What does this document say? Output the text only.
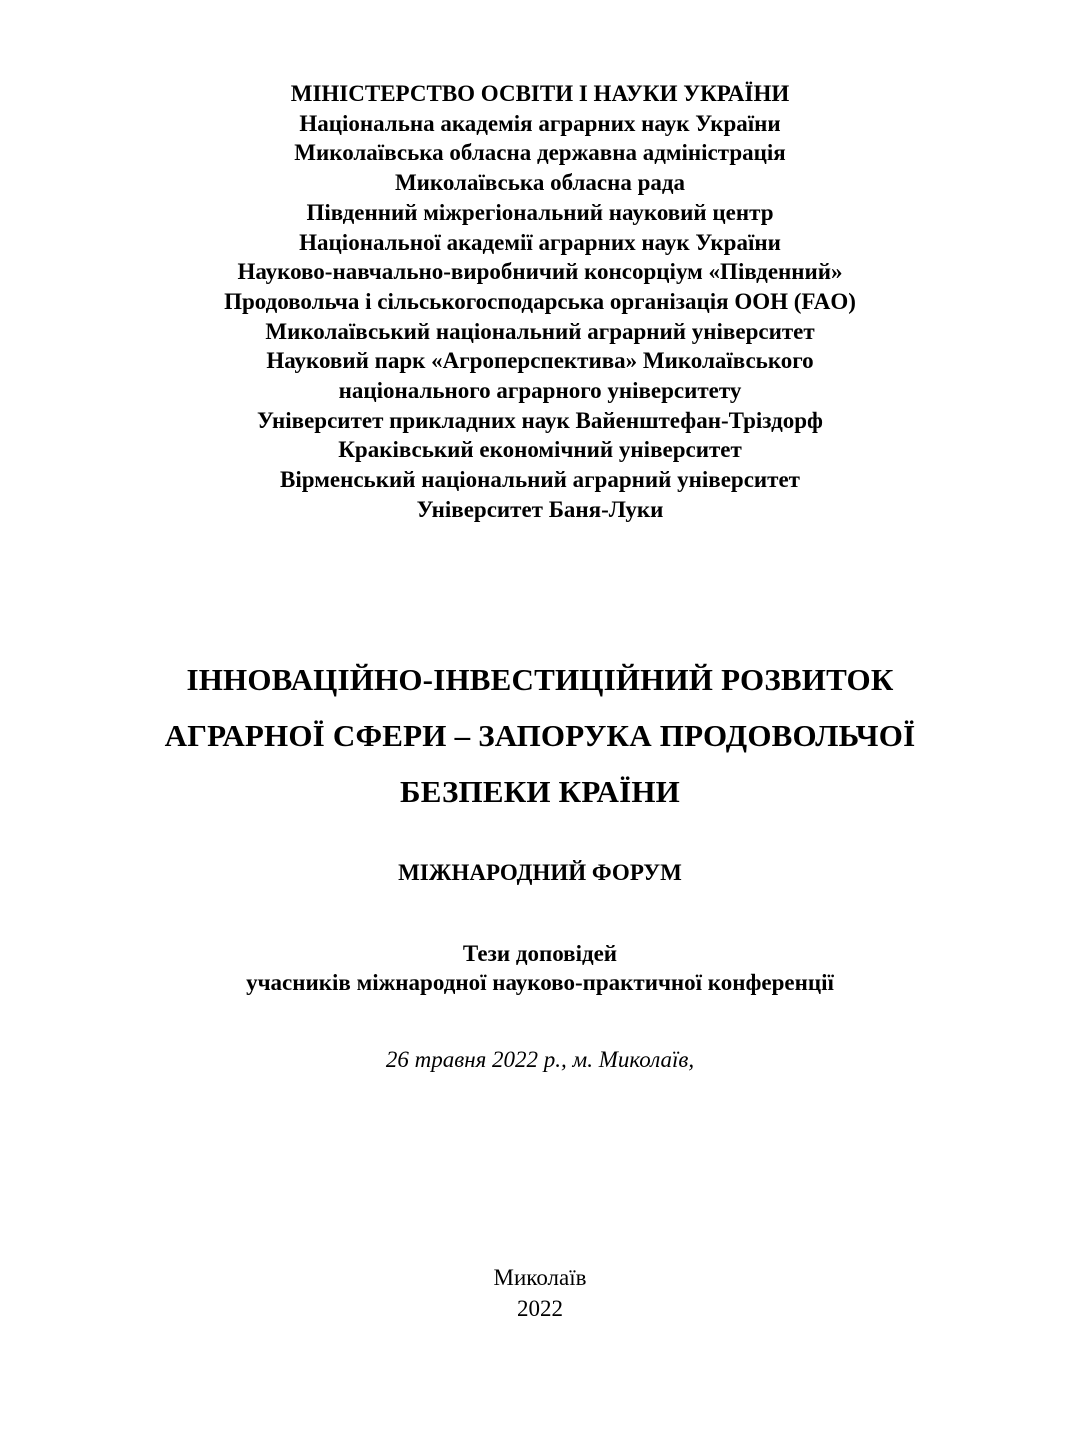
МІНІСТЕРСТВО ОСВІТИ І НАУКИ УКРАЇНИ
Національна академія аграрних наук України
Миколаївська обласна державна адміністрація
Миколаївська обласна рада
Південний міжрегіональний науковий центр
Національної академії аграрних наук України
Науково-навчально-виробничий консорціум «Південний»
Продовольча і сільськогосподарська організація ООН (FAO)
Миколаївський національний аграрний університет
Науковий парк «Агроперспектива» Миколаївського
національного аграрного університету
Університет прикладних наук Вайенштефан-Тріздорф
Краківський економічний університет
Вірменський національний аграрний університет
Університет Баня-Луки
ІННОВАЦІЙНО-ІНВЕСТИЦІЙНИЙ РОЗВИТОК
АГРАРНОЇ СФЕРИ – ЗАПОРУКА ПРОДОВОЛЬЧОЇ
БЕЗПЕКИ КРАЇНИ
МІЖНАРОДНИЙ ФОРУМ
Тези доповідей
учасників міжнародної науково-практичної конференції
26 травня 2022 р., м. Миколаїв,
Миколаїв
2022
